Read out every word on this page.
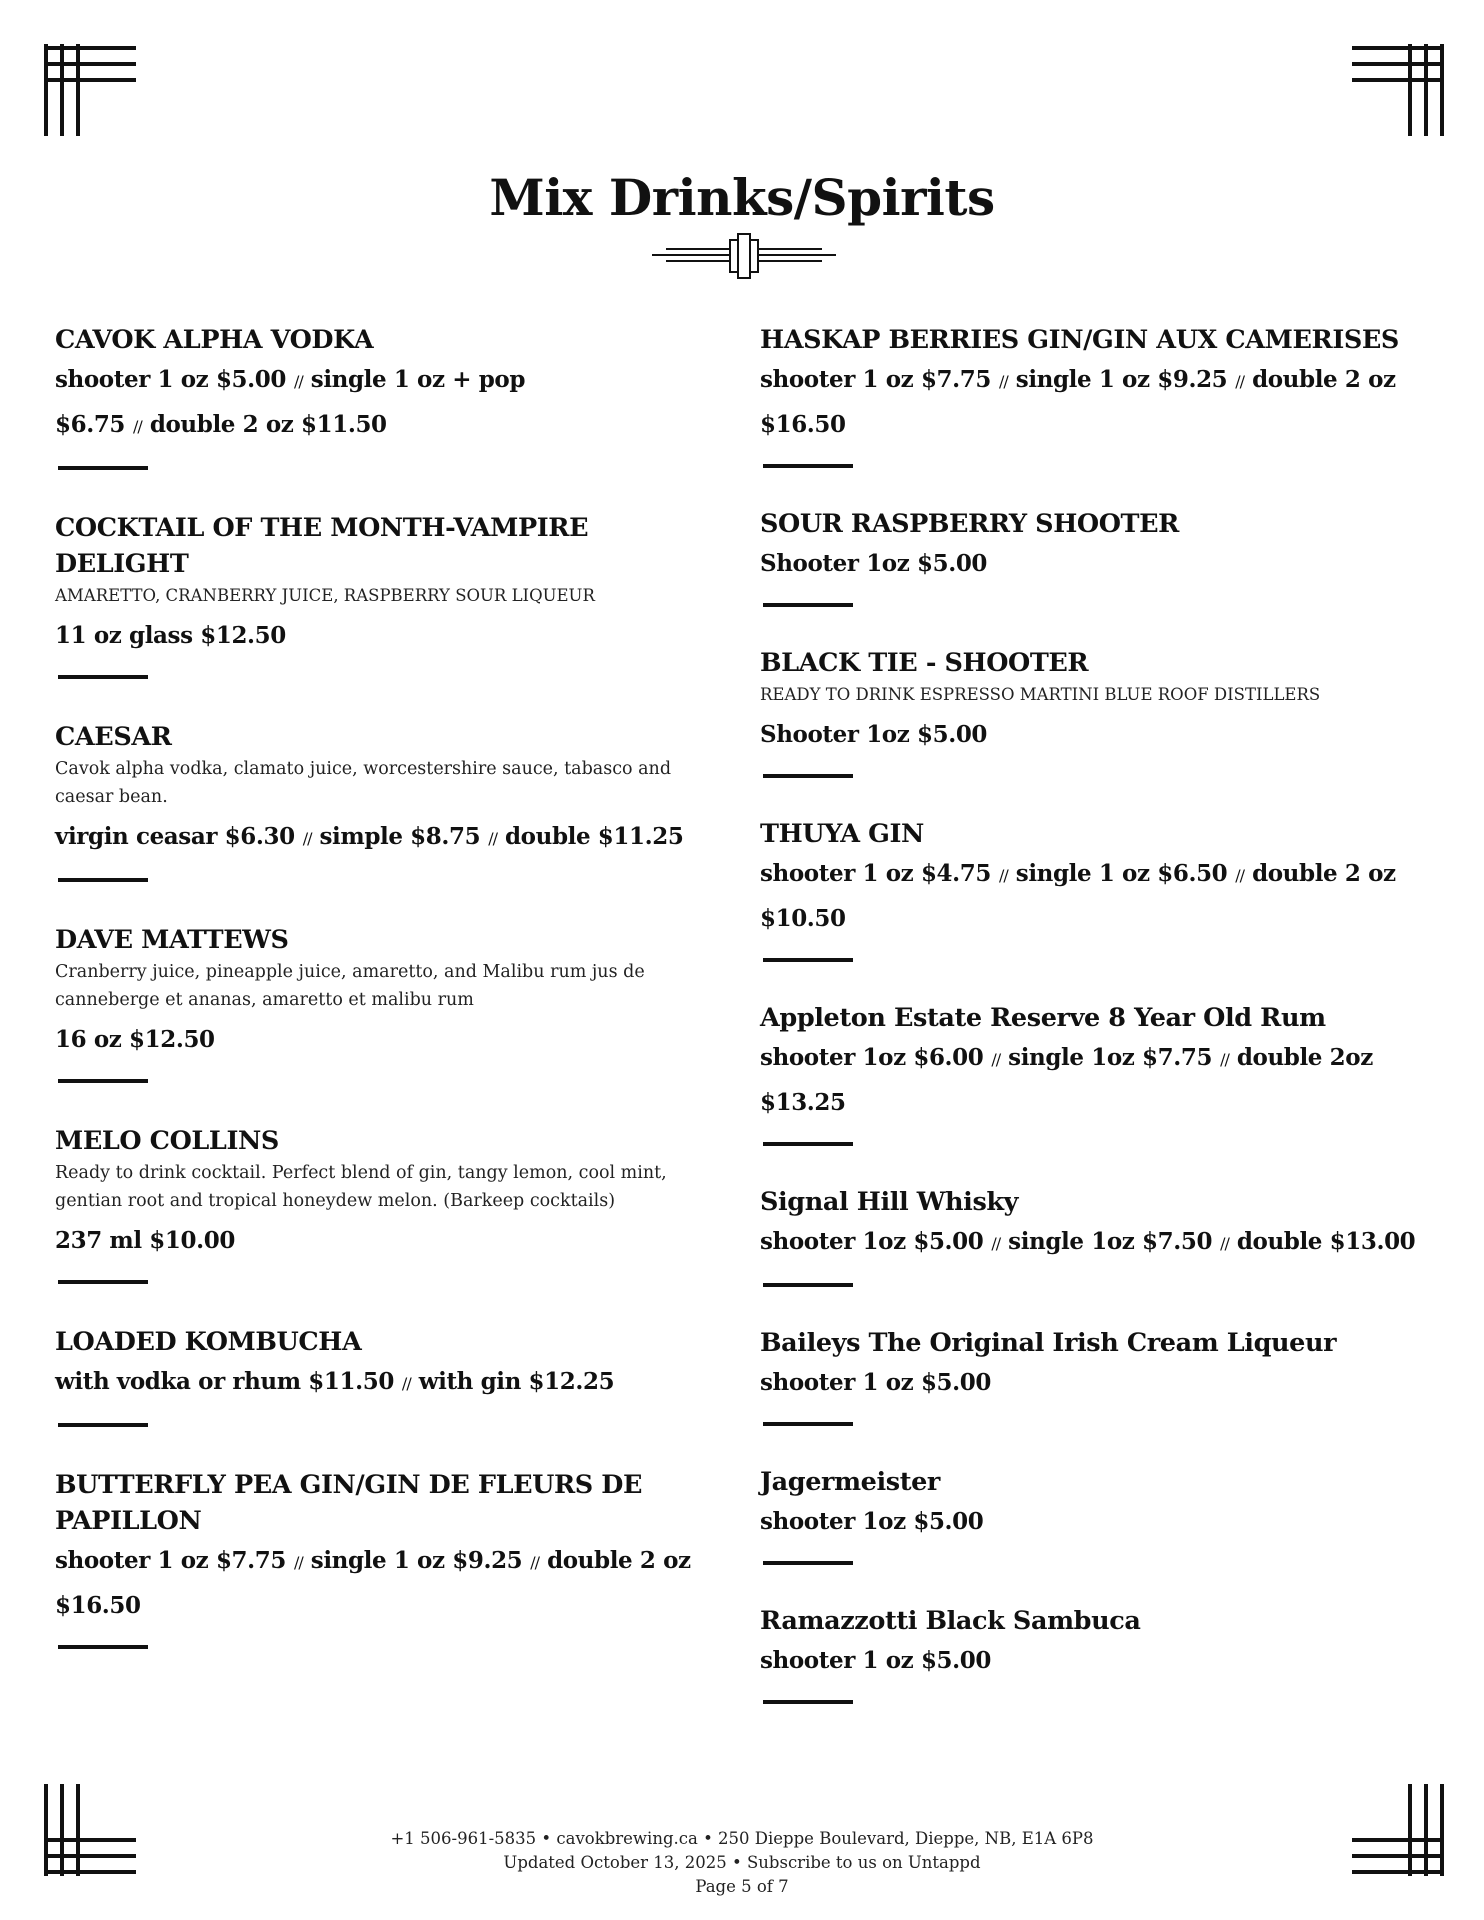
Mix Drinks/Spirits
CAVOK ALPHA VODKA
shooter 1 oz $5.00 // single 1 oz + pop $6.75 // double 2 oz $11.50
COCKTAIL OF THE MONTH-VAMPIRE DELIGHT
AMARETTO, CRANBERRY JUICE, RASPBERRY SOUR LIQUEUR
11 oz glass $12.50
CAESAR
Cavok alpha vodka, clamato juice, worcestershire sauce, tabasco and caesar bean.
virgin ceasar $6.30 // simple $8.75 // double $11.25
DAVE MATTEWS
Cranberry juice, pineapple juice, amaretto, and Malibu rum jus de canneberge et ananas, amaretto et malibu rum
16 oz $12.50
MELO COLLINS
Ready to drink cocktail. Perfect blend of gin, tangy lemon, cool mint, gentian root and tropical honeydew melon. (Barkeep cocktails)
237 ml $10.00
LOADED KOMBUCHA
with vodka or rhum $11.50 // with gin $12.25
BUTTERFLY PEA GIN/GIN DE FLEURS DE PAPILLON
shooter 1 oz $7.75 // single 1 oz $9.25 // double 2 oz $16.50
HASKAP BERRIES GIN/GIN AUX CAMERISES
shooter 1 oz $7.75 // single 1 oz $9.25 // double 2 oz $16.50
SOUR RASPBERRY SHOOTER
Shooter 1oz $5.00
BLACK TIE - SHOOTER
READY TO DRINK ESPRESSO MARTINI BLUE ROOF DISTILLERS
Shooter 1oz $5.00
THUYA GIN
shooter 1 oz $4.75 // single 1 oz $6.50 // double 2 oz $10.50
Appleton Estate Reserve 8 Year Old Rum
shooter 1oz $6.00 // single 1oz $7.75 // double 2oz $13.25
Signal Hill Whisky
shooter 1oz $5.00 // single 1oz $7.50 // double $13.00
Baileys The Original Irish Cream Liqueur
shooter 1 oz $5.00
Jagermeister
shooter 1oz $5.00
Ramazzotti Black Sambuca
shooter 1 oz $5.00
+1 506-961-5835 • cavokbrewing.ca • 250 Dieppe Boulevard, Dieppe, NB, E1A 6P8
Updated October 13, 2025 • Subscribe to us on Untappd
Page 5 of 7
